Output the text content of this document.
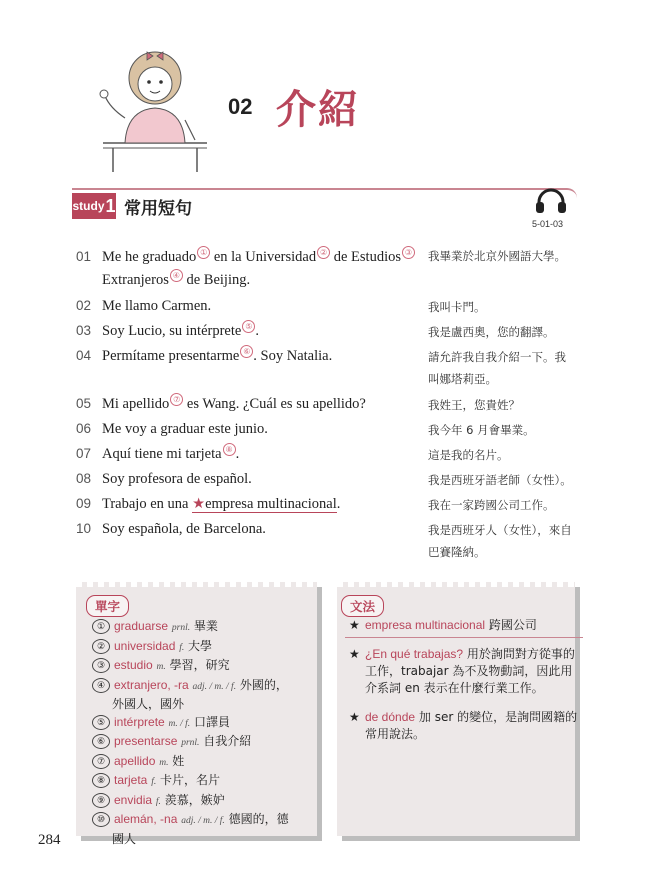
02 介紹
study1 常用短句
5-01-03
01 Me he graduado ① en la Universidad ② de Estudios ③
Extranjeros ④ de Beijing.
02 Me llamo Carmen.
03 Soy Lucio, su intérprete ⑤ .
04 Permítame presentarme ⑥ . Soy Natalia.
05 Mi apellido ⑦ es Wang. ¿Cuál es su apellido?
06 Me voy a graduar este junio.
07 Aquí tiene mi tarjeta ⑧ .
08 Soy profesora de español.
09 Trabajo en una ★empresa multinacional.
10 Soy española, de Barcelona.
我畢業於北京外國語大學。
我叫卡門。
我是盧西奧，您的翻譯。
請允許我自我介紹一下。我
叫娜塔莉亞。
我姓王，您貴姓？
我今年 6 月會畢業。
這是我的名片。
我是西班牙語老師（女性）。
我在一家跨國公司工作。
我是西班牙人（女性），來自
巴賽隆納。
單字
① graduarse prnl. 畢業
② universidad f. 大學
③ estudio m. 學習，研究
④ extranjero, -ra adj. / m. / f. 外國的，
外國人，國外
⑤ intérprete m. / f. 口譯員
⑥ presentarse prnl. 自我介紹
⑦ apellido m. 姓
⑧ tarjeta f. 卡片，名片
⑨ envidia f. 羨慕，嫉妒
⑩ alemán, -na adj. / m. / f. 德國的，德
國人
文法
★ empresa multinacional 跨國公司
★ ¿En qué trabajas? 用於詢問對方從事的工作，trabajar 為不及物動詞，因此用介系詞 en 表示在什麼行業工作。
★ de dónde 加 ser 的變位，是詢問國籍的常用說法。
284
